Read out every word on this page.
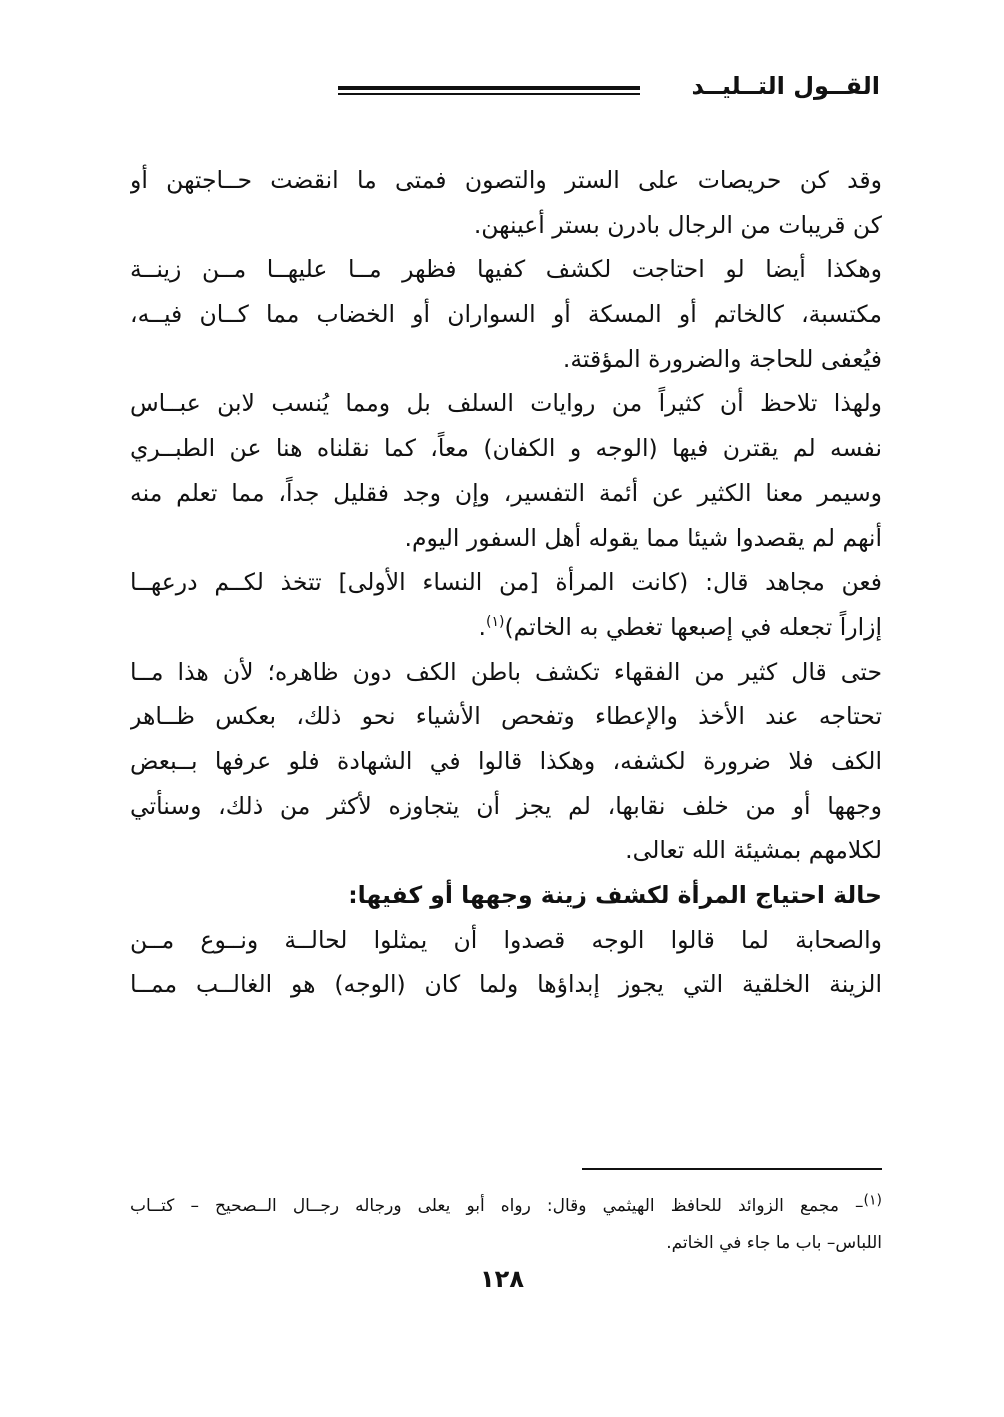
القــول التــليــد
وقد كن حريصات على الستر والتصون فمتى ما انقضت حــاجتهن أو
كن قريبات من الرجال بادرن بستر أعينهن.
وهكذا أيضا لو احتاجت لكشف كفيها فظهر مــا عليهــا مــن زينــة
مكتسبة، كالخاتم أو المسكة أو السواران أو الخضاب مما كــان فيــه،
فيُعفى للحاجة والضرورة المؤقتة.
ولهذا تلاحظ أن كثيراً من روايات السلف بل ومما يُنسب لابن عبــاس
نفسه لم يقترن فيها (الوجه و الكفان) معاً، كما نقلناه هنا عن الطبــري
وسيمر معنا الكثير عن أئمة التفسير، وإن وجد فقليل جداً، مما تعلم منه
أنهم لم يقصدوا شيئا مما يقوله أهل السفور اليوم.
فعن مجاهد قال: (كانت المرأة [من النساء الأولى] تتخذ لكــم درعهــا
إزاراً تجعله في إصبعها تغطي به الخاتم)$^{(١)}$.
حتى قال كثير من الفقهاء تكشف باطن الكف دون ظاهره؛ لأن هذا مــا
تحتاجه عند الأخذ والإعطاء وتفحص الأشياء نحو ذلك، بعكس ظــاهر
الكف فلا ضرورة لكشفه، وهكذا قالوا في الشهادة فلو عرفها بــبعض
وجهها أو من خلف نقابها، لم يجز أن يتجاوزه لأكثر من ذلك، وسنأتي
لكلامهم بمشيئة الله تعالى.
حالة احتياج المرأة لكشف زينة وجهها أو كفيها:
والصحابة لما قالوا الوجه قصدوا أن يمثلوا لحالــة ونــوع مــن
الزينة الخلقية التي يجوز إبداؤها ولما كان (الوجه) هو الغالــب ممــا
$^{(١)}$– مجمع الزوائد للحافظ الهيثمي وقال: رواه أبو يعلى ورجاله رجــال الــصحيح – كتــاب
اللباس– باب ما جاء في الخاتم.
١٢٨
